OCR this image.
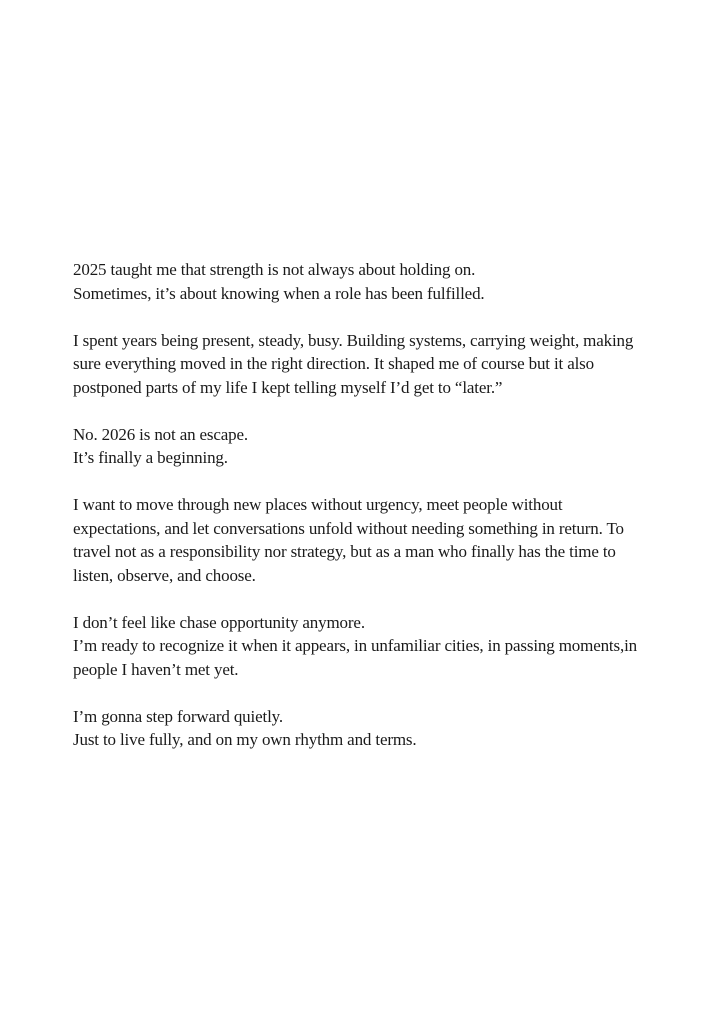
2025 taught me that strength is not always about holding on.
Sometimes, it’s about knowing when a role has been fulfilled.

I spent years being present, steady, busy. Building systems, carrying weight, making
sure everything moved in the right direction. It shaped me of course but it also
postponed parts of my life I kept telling myself I’d get to “later.”

No. 2026 is not an escape.
It’s finally a beginning.

I want to move through new places without urgency, meet people without
expectations, and let conversations unfold without needing something in return. To
travel not as a responsibility nor strategy, but as a man who finally has the time to
listen, observe, and choose.

I don’t feel like chase opportunity anymore.
I’m ready to recognize it when it appears, in unfamiliar cities, in passing moments,in
people I haven’t met yet.

I’m gonna step forward quietly.
Just to live fully, and on my own rhythm and terms.
